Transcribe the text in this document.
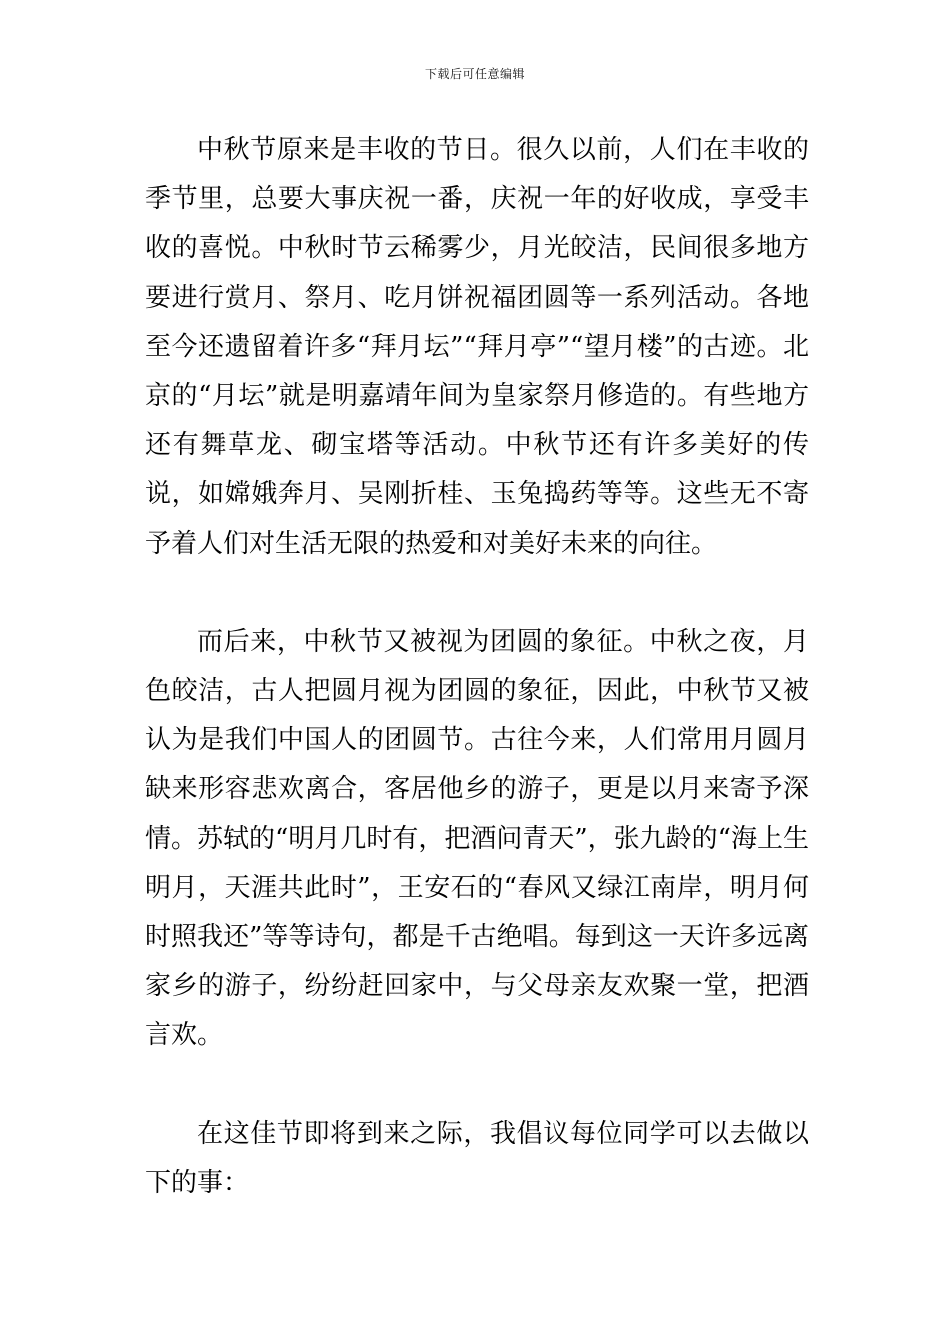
下载后可任意编辑

中秋节原来是丰收的节日。很久以前，人们在丰收的季节里，总要大事庆祝一番，庆祝一年的好收成，享受丰收的喜悦。中秋时节云稀雾少，月光皎洁，民间很多地方要进行赏月、祭月、吃月饼祝福团圆等一系列活动。各地至今还遗留着许多“拜月坛”“拜月亭”“望月楼”的古迹。北京的“月坛”就是明嘉靖年间为皇家祭月修造的。有些地方还有舞草龙、砌宝塔等活动。中秋节还有许多美好的传说，如嫦娥奔月、吴刚折桂、玉兔捣药等等。这些无不寄予着人们对生活无限的热爱和对美好未来的向往。

而后来，中秋节又被视为团圆的象征。中秋之夜，月色皎洁，古人把圆月视为团圆的象征，因此，中秋节又被认为是我们中国人的团圆节。古往今来，人们常用月圆月缺来形容悲欢离合，客居他乡的游子，更是以月来寄予深情。苏轼的“明月几时有，把酒问青天”，张九龄的“海上生明月，天涯共此时”，王安石的“春风又绿江南岸，明月何时照我还”等等诗句，都是千古绝唱。每到这一天许多远离家乡的游子，纷纷赶回家中，与父母亲友欢聚一堂，把酒言欢。

在这佳节即将到来之际，我倡议每位同学可以去做以下的事：
